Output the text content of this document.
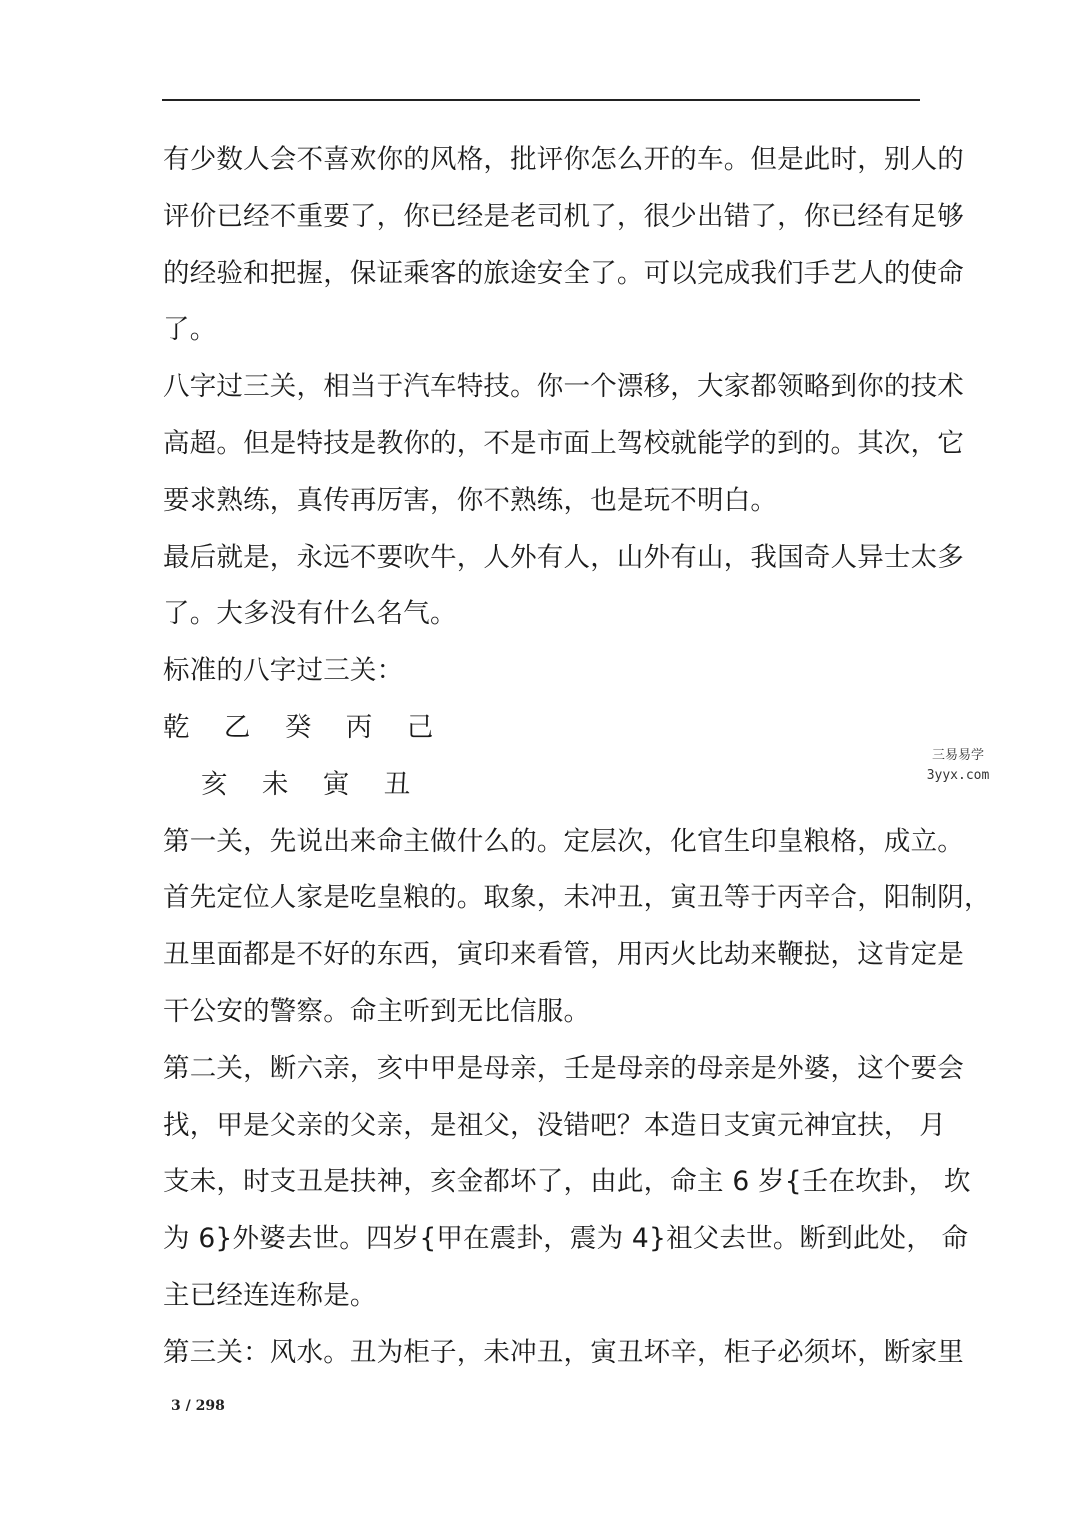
有少数人会不喜欢你的风格，批评你怎么开的车。但是此时，别人的
评价已经不重要了，你已经是老司机了，很少出错了，你已经有足够
的经验和把握，保证乘客的旅途安全了。可以完成我们手艺人的使命
了。
八字过三关，相当于汽车特技。你一个漂移，大家都领略到你的技术
高超。但是特技是教你的，不是市面上驾校就能学的到的。其次，它
要求熟练，真传再厉害，你不熟练，也是玩不明白。
最后就是，永远不要吹牛，人外有人，山外有山，我国奇人异士太多
了。大多没有什么名气。
标准的八字过三关：
乾 乙 癸 丙 己
亥 未 寅 丑
第一关，先说出来命主做什么的。定层次，化官生印皇粮格，成立。
首先定位人家是吃皇粮的。取象，未冲丑，寅丑等于丙辛合，阳制阴，
丑里面都是不好的东西，寅印来看管，用丙火比劫来鞭挞，这肯定是
干公安的警察。命主听到无比信服。
第二关，断六亲，亥中甲是母亲，壬是母亲的母亲是外婆，这个要会
找，甲是父亲的父亲，是祖父，没错吧？本造日支寅元神宜扶， 月
支未，时支丑是扶神，亥金都坏了，由此，命主 6 岁{壬在坎卦， 坎
为 6}外婆去世。四岁{甲在震卦，震为 4}祖父去世。断到此处， 命
主已经连连称是。
第三关：风水。丑为柜子，未冲丑，寅丑坏辛，柜子必须坏，断家里
三易易学
3yyx.com
3 / 298
